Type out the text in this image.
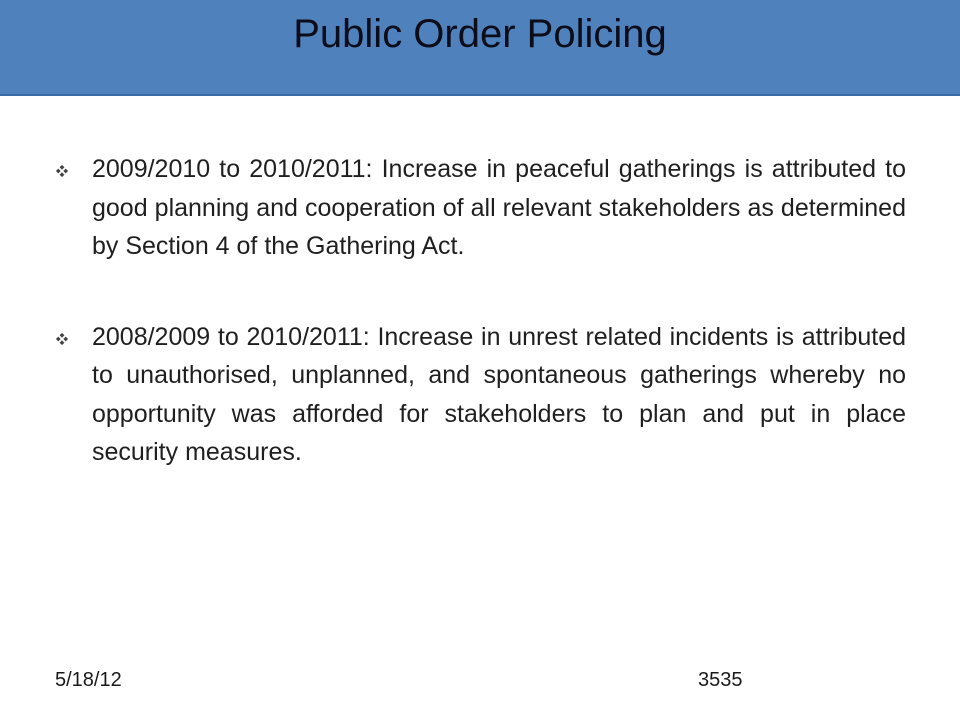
Public Order Policing
2009/2010 to 2010/2011: Increase in peaceful gatherings is attributed to good planning and cooperation of all relevant stakeholders as determined by Section 4 of the Gathering Act.
2008/2009 to 2010/2011: Increase in unrest related incidents is attributed to unauthorised, unplanned, and spontaneous gatherings whereby no opportunity was afforded for stakeholders to plan and put in place security measures.
5/18/12	3535
